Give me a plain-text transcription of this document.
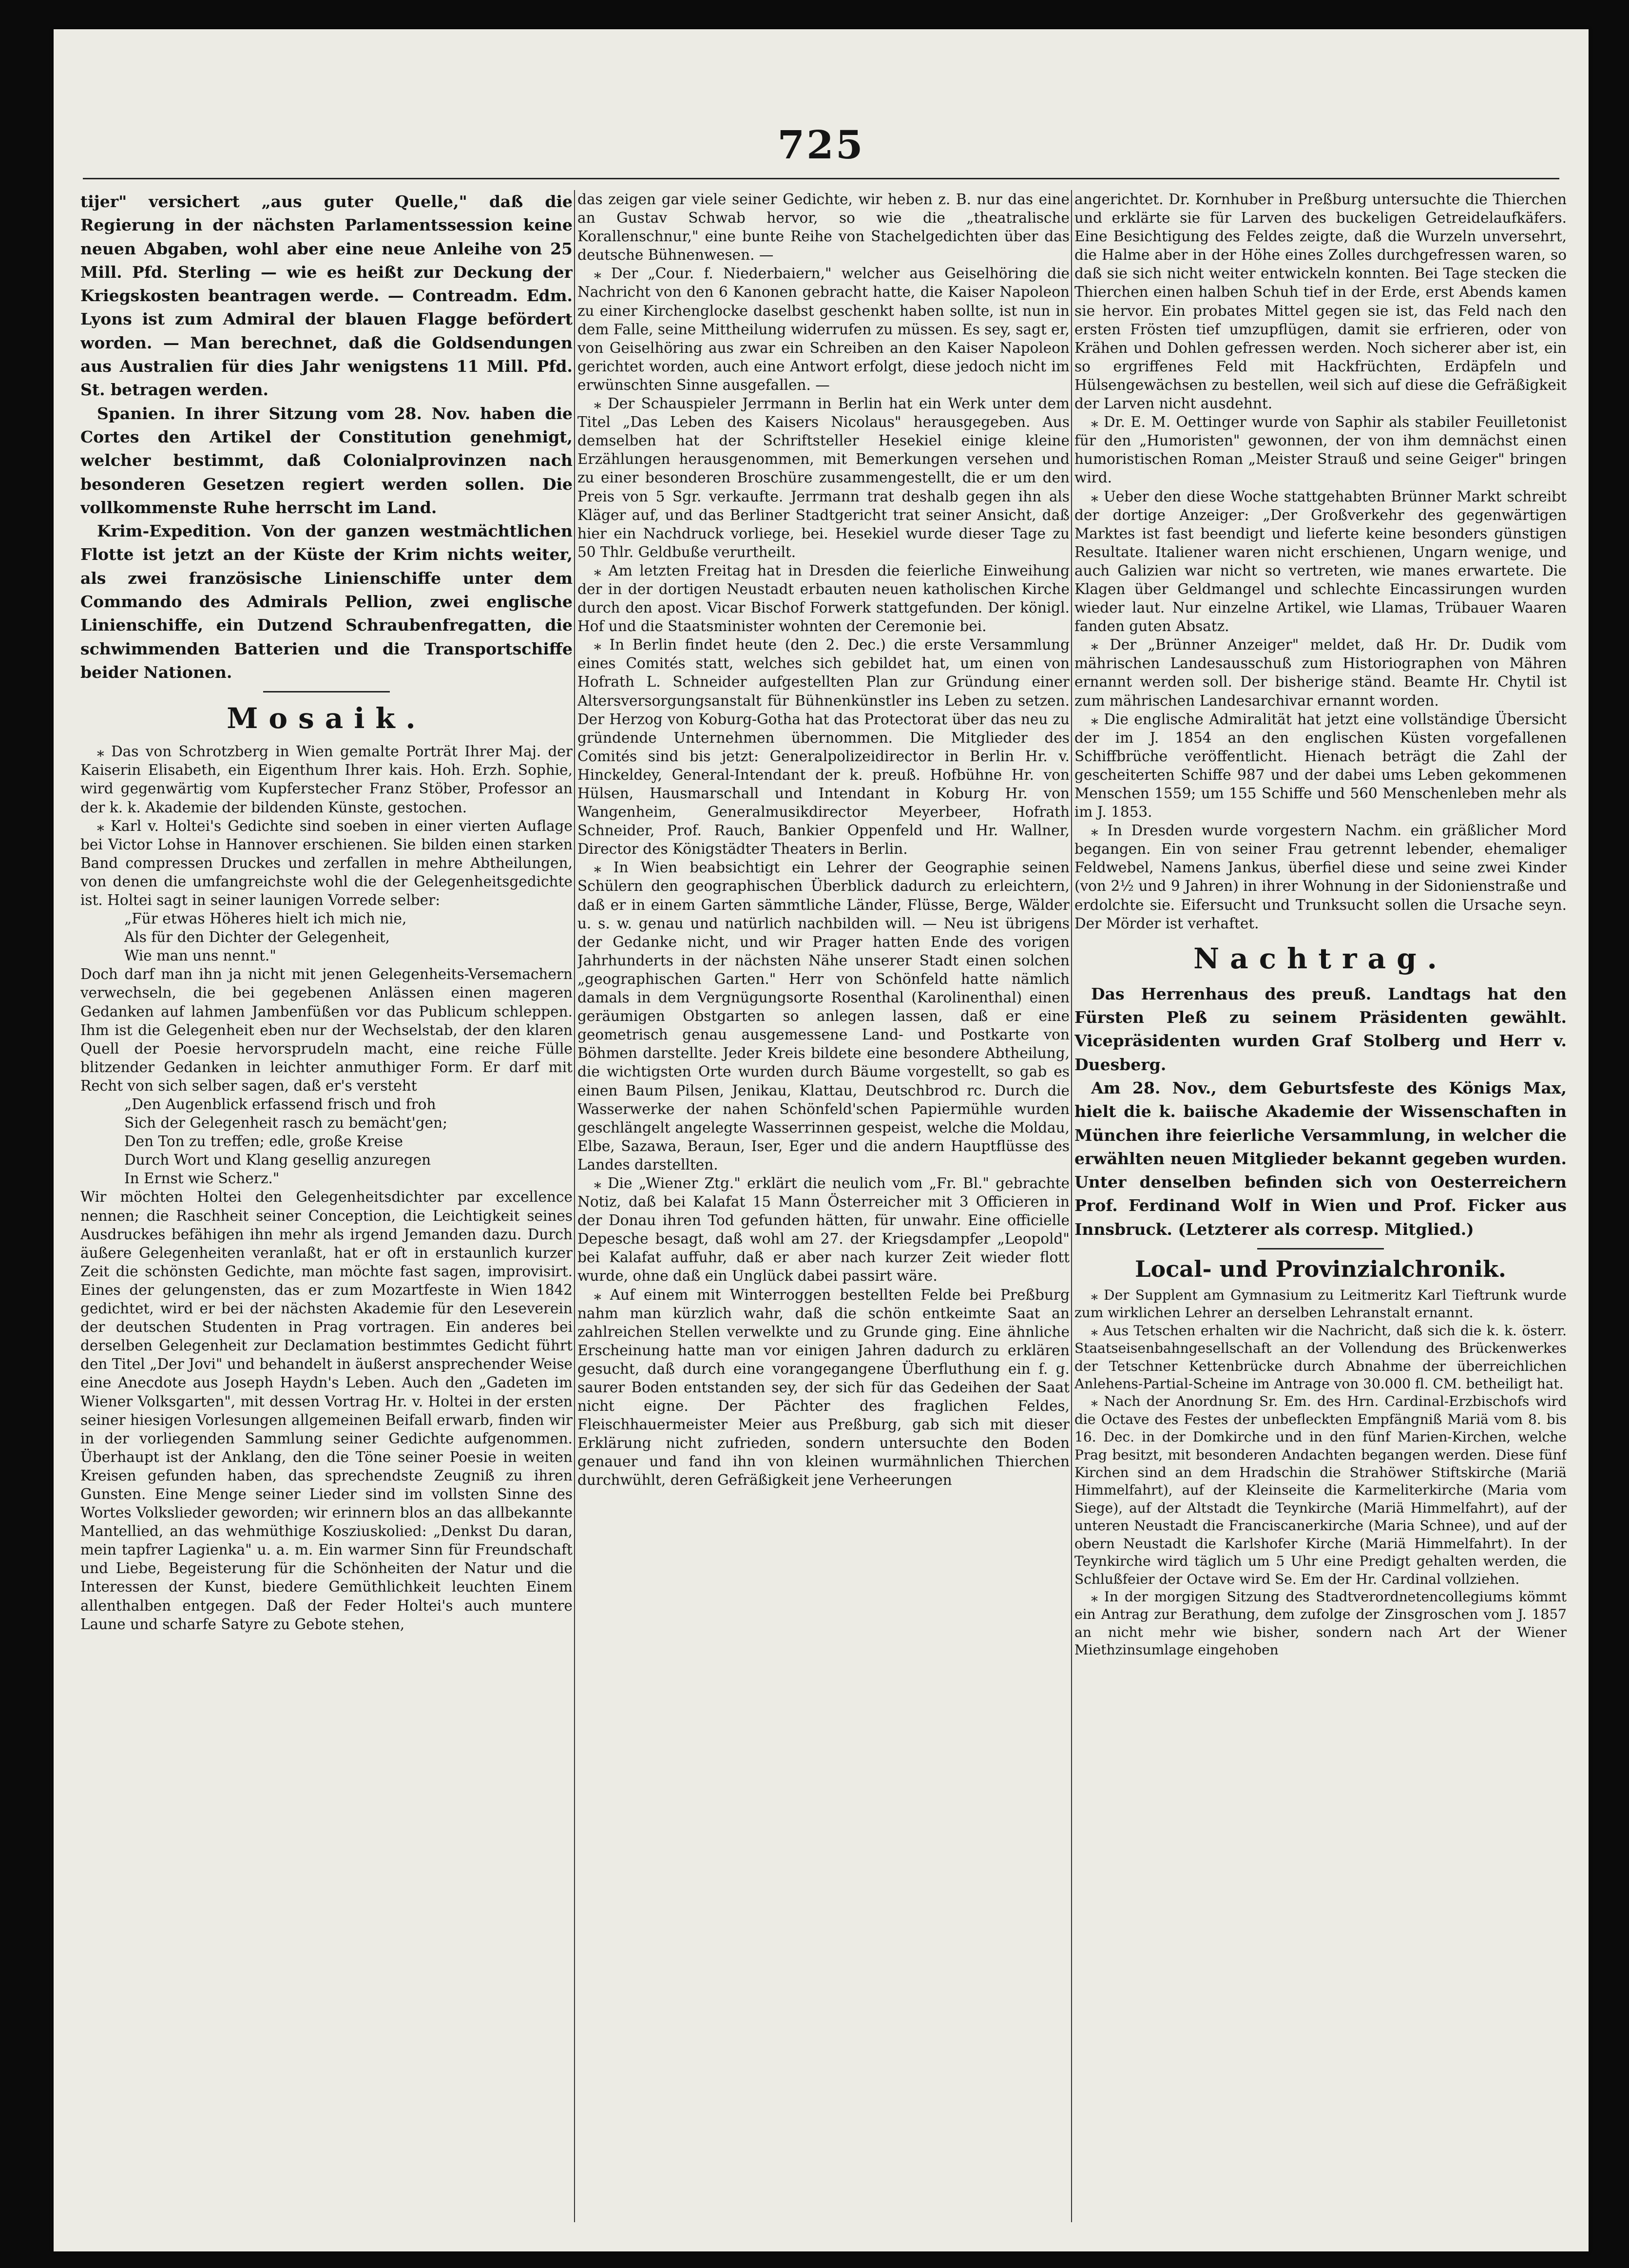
725

tijer" versichert „aus guter Quelle," daß die Regierung in der nächsten Parlamentssession keine neuen Abgaben, wohl aber eine neue Anleihe von 25 Mill. Pfd. Sterling — wie es heißt zur Deckung der Kriegskosten beantragen werde. — Contreadm. Edm. Lyons ist zum Admiral der blauen Flagge befördert worden. — Man berechnet, daß die Goldsendungen aus Australien für dies Jahr wenigstens 11 Mill. Pfd. St. betragen werden.

Spanien. In ihrer Sitzung vom 28. Nov. haben die Cortes den Artikel der Constitution genehmigt, welcher bestimmt, daß Colonialprovinzen nach besonderen Gesetzen regiert werden sollen. Die vollkommenste Ruhe herrscht im Land.

Krim-Expedition. Von der ganzen westmächtlichen Flotte ist jetzt an der Küste der Krim nichts weiter, als zwei französische Linienschiffe unter dem Commando des Admirals Pellion, zwei englische Linienschiffe, ein Dutzend Schraubenfregatten, die schwimmenden Batterien und die Transportschiffe beider Nationen.

Mosaik.

⁎ Das von Schrotzberg in Wien gemalte Porträt Ihrer Maj. der Kaiserin Elisabeth, ein Eigenthum Ihrer kais. Hoh. Erzh. Sophie, wird gegenwärtig vom Kupferstecher Franz Stöber, Professor an der k. k. Akademie der bildenden Künste, gestochen.

⁎ Karl v. Holtei's Gedichte sind soeben in einer vierten Auflage bei Victor Lohse in Hannover erschienen. Sie bilden einen starken Band compressen Druckes und zerfallen in mehre Abtheilungen, von denen die umfangreichste wohl die der Gelegenheitsgedichte ist. Holtei sagt in seiner launigen Vorrede selber:

„Für etwas Höheres hielt ich mich nie,

Als für den Dichter der Gelegenheit,

Wie man uns nennt."

Doch darf man ihn ja nicht mit jenen Gelegenheits-Versemachern verwechseln, die bei gegebenen Anlässen einen mageren Gedanken auf lahmen Jambenfüßen vor das Publicum schleppen. Ihm ist die Gelegenheit eben nur der Wechselstab, der den klaren Quell der Poesie hervorsprudeln macht, eine reiche Fülle blitzender Gedanken in leichter anmuthiger Form. Er darf mit Recht von sich selber sagen, daß er's versteht

„Den Augenblick erfassend frisch und froh

Sich der Gelegenheit rasch zu bemächt'gen;

Den Ton zu treffen; edle, große Kreise

Durch Wort und Klang gesellig anzuregen

In Ernst wie Scherz."

Wir möchten Holtei den Gelegenheitsdichter par excellence nennen; die Raschheit seiner Conception, die Leichtigkeit seines Ausdruckes befähigen ihn mehr als irgend Jemanden dazu. Durch äußere Gelegenheiten veranlaßt, hat er oft in erstaunlich kurzer Zeit die schönsten Gedichte, man möchte fast sagen, improvisirt. Eines der gelungensten, das er zum Mozartfeste in Wien 1842 gedichtet, wird er bei der nächsten Akademie für den Leseverein der deutschen Studenten in Prag vortragen. Ein anderes bei derselben Gelegenheit zur Declamation bestimmtes Gedicht führt den Titel „Der Jovi" und behandelt in äußerst ansprechender Weise eine Anecdote aus Joseph Haydn's Leben. Auch den „Gadeten im Wiener Volksgarten", mit dessen Vortrag Hr. v. Holtei in der ersten seiner hiesigen Vorlesungen allgemeinen Beifall erwarb, finden wir in der vorliegenden Sammlung seiner Gedichte aufgenommen. Überhaupt ist der Anklang, den die Töne seiner Poesie in weiten Kreisen gefunden haben, das sprechendste Zeugniß zu ihren Gunsten. Eine Menge seiner Lieder sind im vollsten Sinne des Wortes Volkslieder geworden; wir erinnern blos an das allbekannte Mantellied, an das wehmüthige Kosziuskolied: „Denkst Du daran, mein tapfrer Lagienka" u. a. m. Ein warmer Sinn für Freundschaft und Liebe, Begeisterung für die Schönheiten der Natur und die Interessen der Kunst, biedere Gemüthlichkeit leuchten Einem allenthalben entgegen. Daß der Feder Holtei's auch muntere Laune und scharfe Satyre zu Gebote stehen,

das zeigen gar viele seiner Gedichte, wir heben z. B. nur das eine an Gustav Schwab hervor, so wie die „theatralische Korallenschnur," eine bunte Reihe von Stachelgedichten über das deutsche Bühnenwesen. —

⁎ Der „Cour. f. Niederbaiern," welcher aus Geiselhöring die Nachricht von den 6 Kanonen gebracht hatte, die Kaiser Napoleon zu einer Kirchenglocke daselbst geschenkt haben sollte, ist nun in dem Falle, seine Mittheilung widerrufen zu müssen. Es sey, sagt er, von Geiselhöring aus zwar ein Schreiben an den Kaiser Napoleon gerichtet worden, auch eine Antwort erfolgt, diese jedoch nicht im erwünschten Sinne ausgefallen. —

⁎ Der Schauspieler Jerrmann in Berlin hat ein Werk unter dem Titel „Das Leben des Kaisers Nicolaus" herausgegeben. Aus demselben hat der Schriftsteller Hesekiel einige kleine Erzählungen herausgenommen, mit Bemerkungen versehen und zu einer besonderen Broschüre zusammengestellt, die er um den Preis von 5 Sgr. verkaufte. Jerrmann trat deshalb gegen ihn als Kläger auf, und das Berliner Stadtgericht trat seiner Ansicht, daß hier ein Nachdruck vorliege, bei. Hesekiel wurde dieser Tage zu 50 Thlr. Geldbuße verurtheilt.

⁎ Am letzten Freitag hat in Dresden die feierliche Einweihung der in der dortigen Neustadt erbauten neuen katholischen Kirche durch den apost. Vicar Bischof Forwerk stattgefunden. Der königl. Hof und die Staatsminister wohnten der Ceremonie bei.

⁎ In Berlin findet heute (den 2. Dec.) die erste Versammlung eines Comités statt, welches sich gebildet hat, um einen von Hofrath L. Schneider aufgestellten Plan zur Gründung einer Altersversorgungsanstalt für Bühnenkünstler ins Leben zu setzen. Der Herzog von Koburg-Gotha hat das Protectorat über das neu zu gründende Unternehmen übernommen. Die Mitglieder des Comités sind bis jetzt: Generalpolizeidirector in Berlin Hr. v. Hinckeldey, General-Intendant der k. preuß. Hofbühne Hr. von Hülsen, Hausmarschall und Intendant in Koburg Hr. von Wangenheim, Generalmusikdirector Meyerbeer, Hofrath Schneider, Prof. Rauch, Bankier Oppenfeld und Hr. Wallner, Director des Königstädter Theaters in Berlin.

⁎ In Wien beabsichtigt ein Lehrer der Geographie seinen Schülern den geographischen Überblick dadurch zu erleichtern, daß er in einem Garten sämmtliche Länder, Flüsse, Berge, Wälder u. s. w. genau und natürlich nachbilden will. — Neu ist übrigens der Gedanke nicht, und wir Prager hatten Ende des vorigen Jahrhunderts in der nächsten Nähe unserer Stadt einen solchen „geographischen Garten." Herr von Schönfeld hatte nämlich damals in dem Vergnügungsorte Rosenthal (Karolinenthal) einen geräumigen Obstgarten so anlegen lassen, daß er eine geometrisch genau ausgemessene Land- und Postkarte von Böhmen darstellte. Jeder Kreis bildete eine besondere Abtheilung, die wichtigsten Orte wurden durch Bäume vorgestellt, so gab es einen Baum Pilsen, Jenikau, Klattau, Deutschbrod rc. Durch die Wasserwerke der nahen Schönfeld'schen Papiermühle wurden geschlängelt angelegte Wasserrinnen gespeist, welche die Moldau, Elbe, Sazawa, Beraun, Iser, Eger und die andern Hauptflüsse des Landes darstellten.

⁎ Die „Wiener Ztg." erklärt die neulich vom „Fr. Bl." gebrachte Notiz, daß bei Kalafat 15 Mann Österreicher mit 3 Officieren in der Donau ihren Tod gefunden hätten, für unwahr. Eine officielle Depesche besagt, daß wohl am 27. der Kriegsdampfer „Leopold" bei Kalafat auffuhr, daß er aber nach kurzer Zeit wieder flott wurde, ohne daß ein Unglück dabei passirt wäre.

⁎ Auf einem mit Winterroggen bestellten Felde bei Preßburg nahm man kürzlich wahr, daß die schön entkeimte Saat an zahlreichen Stellen verwelkte und zu Grunde ging. Eine ähnliche Erscheinung hatte man vor einigen Jahren dadurch zu erklären gesucht, daß durch eine vorangegangene Überfluthung ein f. g. saurer Boden entstanden sey, der sich für das Gedeihen der Saat nicht eigne. Der Pächter des fraglichen Feldes, Fleischhauermeister Meier aus Preßburg, gab sich mit dieser Erklärung nicht zufrieden, sondern untersuchte den Boden genauer und fand ihn von kleinen wurmähnlichen Thierchen durchwühlt, deren Gefräßigkeit jene Verheerungen

angerichtet. Dr. Kornhuber in Preßburg untersuchte die Thierchen und erklärte sie für Larven des buckeligen Getreidelaufkäfers. Eine Besichtigung des Feldes zeigte, daß die Wurzeln unversehrt, die Halme aber in der Höhe eines Zolles durchgefressen waren, so daß sie sich nicht weiter entwickeln konnten. Bei Tage stecken die Thierchen einen halben Schuh tief in der Erde, erst Abends kamen sie hervor. Ein probates Mittel gegen sie ist, das Feld nach den ersten Frösten tief umzupflügen, damit sie erfrieren, oder von Krähen und Dohlen gefressen werden. Noch sicherer aber ist, ein so ergriffenes Feld mit Hackfrüchten, Erdäpfeln und Hülsengewächsen zu bestellen, weil sich auf diese die Gefräßigkeit der Larven nicht ausdehnt.

⁎ Dr. E. M. Oettinger wurde von Saphir als stabiler Feuilletonist für den „Humoristen" gewonnen, der von ihm demnächst einen humoristischen Roman „Meister Strauß und seine Geiger" bringen wird.

⁎ Ueber den diese Woche stattgehabten Brünner Markt schreibt der dortige Anzeiger: „Der Großverkehr des gegenwärtigen Marktes ist fast beendigt und lieferte keine besonders günstigen Resultate. Italiener waren nicht erschienen, Ungarn wenige, und auch Galizien war nicht so vertreten, wie manes erwartete. Die Klagen über Geldmangel und schlechte Eincassirungen wurden wieder laut. Nur einzelne Artikel, wie Llamas, Trübauer Waaren fanden guten Absatz.

⁎ Der „Brünner Anzeiger" meldet, daß Hr. Dr. Dudik vom mährischen Landesausschuß zum Historiographen von Mähren ernannt werden soll. Der bisherige ständ. Beamte Hr. Chytil ist zum mährischen Landesarchivar ernannt worden.

⁎ Die englische Admiralität hat jetzt eine vollständige Übersicht der im J. 1854 an den englischen Küsten vorgefallenen Schiffbrüche veröffentlicht. Hienach beträgt die Zahl der gescheiterten Schiffe 987 und der dabei ums Leben gekommenen Menschen 1559; um 155 Schiffe und 560 Menschenleben mehr als im J. 1853.

⁎ In Dresden wurde vorgestern Nachm. ein gräßlicher Mord begangen. Ein von seiner Frau getrennt lebender, ehemaliger Feldwebel, Namens Jankus, überfiel diese und seine zwei Kinder (von 2½ und 9 Jahren) in ihrer Wohnung in der Sidonienstraße und erdolchte sie. Eifersucht und Trunksucht sollen die Ursache seyn. Der Mörder ist verhaftet.

Nachtrag.

Das Herrenhaus des preuß. Landtags hat den Fürsten Pleß zu seinem Präsidenten gewählt. Vicepräsidenten wurden Graf Stolberg und Herr v. Duesberg.

Am 28. Nov., dem Geburtsfeste des Königs Max, hielt die k. baiische Akademie der Wissenschaften in München ihre feierliche Versammlung, in welcher die erwählten neuen Mitglieder bekannt gegeben wurden. Unter denselben befinden sich von Oesterreichern Prof. Ferdinand Wolf in Wien und Prof. Ficker aus Innsbruck. (Letzterer als corresp. Mitglied.)

Local- und Provinzialchronik.

⁎ Der Supplent am Gymnasium zu Leitmeritz Karl Tieftrunk wurde zum wirklichen Lehrer an derselben Lehranstalt ernannt.

⁎ Aus Tetschen erhalten wir die Nachricht, daß sich die k. k. österr. Staatseisenbahngesellschaft an der Vollendung des Brückenwerkes der Tetschner Kettenbrücke durch Abnahme der überreichlichen Anlehens-Partial-Scheine im Antrage von 30.000 fl. CM. betheiligt hat.

⁎ Nach der Anordnung Sr. Em. des Hrn. Cardinal-Erzbischofs wird die Octave des Festes der unbefleckten Empfängniß Mariä vom 8. bis 16. Dec. in der Domkirche und in den fünf Marien-Kirchen, welche Prag besitzt, mit besonderen Andachten begangen werden. Diese fünf Kirchen sind an dem Hradschin die Strahöwer Stiftskirche (Mariä Himmelfahrt), auf der Kleinseite die Karmeliterkirche (Maria vom Siege), auf der Altstadt die Teynkirche (Mariä Himmelfahrt), auf der unteren Neustadt die Franciscanerkirche (Maria Schnee), und auf der obern Neustadt die Karlshofer Kirche (Mariä Himmelfahrt). In der Teynkirche wird täglich um 5 Uhr eine Predigt gehalten werden, die Schlußfeier der Octave wird Se. Em der Hr. Cardinal vollziehen.

⁎ In der morgigen Sitzung des Stadtverordnetencollegiums kömmt ein Antrag zur Berathung, dem zufolge der Zinsgroschen vom J. 1857 an nicht mehr wie bisher, sondern nach Art der Wiener Miethzinsumlage eingehoben
